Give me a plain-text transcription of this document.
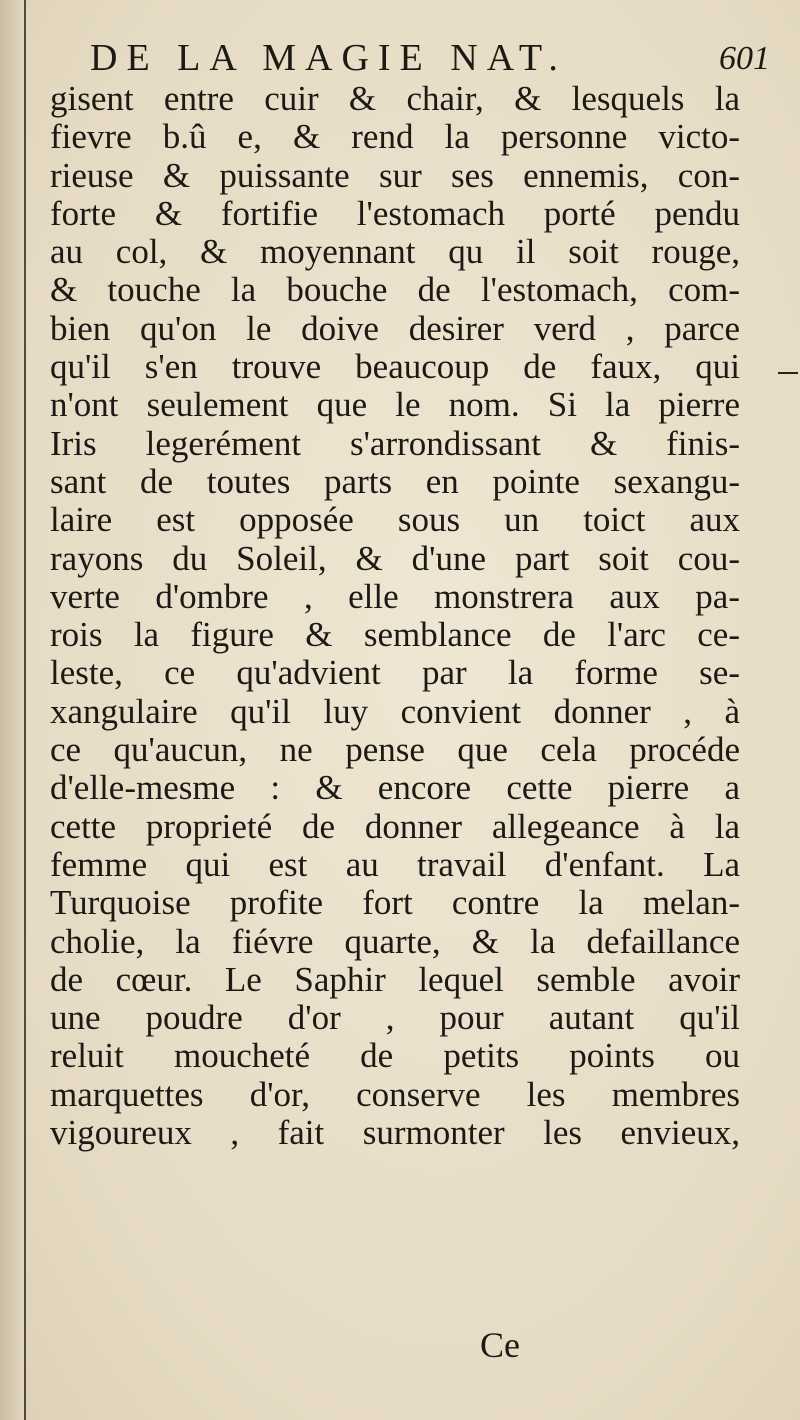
DE LA MAGIE NAT.	601
gisent entre cuir & chair, & lesquels la
fievre b.û e, & rend la personne victo-
rieuse & puissante sur ses ennemis, con-
forte & fortifie l'estomach porté pendu
au col, & moyennant qu il soit rouge,
& touche la bouche de l'estomach, com-
bien qu'on le doive desirer verd , parce
qu'il s'en trouve beaucoup de faux, qui
n'ont seulement que le nom. Si la pierre
Iris legerément s'arrondissant & finis-
sant de toutes parts en pointe sexangu-
laire est opposée sous un toict aux
rayons du Soleil, & d'une part soit cou-
verte d'ombre , elle monstrera aux pa-
rois la figure & semblance de l'arc ce-
leste, ce qu'advient par la forme se-
xangulaire qu'il luy convient donner , à
ce qu'aucun, ne pense que cela procéde
d'elle-mesme : & encore cette pierre a
cette proprieté de donner allegeance à la
femme qui est au travail d'enfant. La
Turquoise profite fort contre la melan-
cholie, la fiévre quarte, & la defaillance
de cœur. Le Saphir lequel semble avoir
une poudre d'or , pour autant qu'il
reluit moucheté de petits points ou
marquettes d'or, conserve les membres
vigoureux , fait surmonter les envieux,
Ce
